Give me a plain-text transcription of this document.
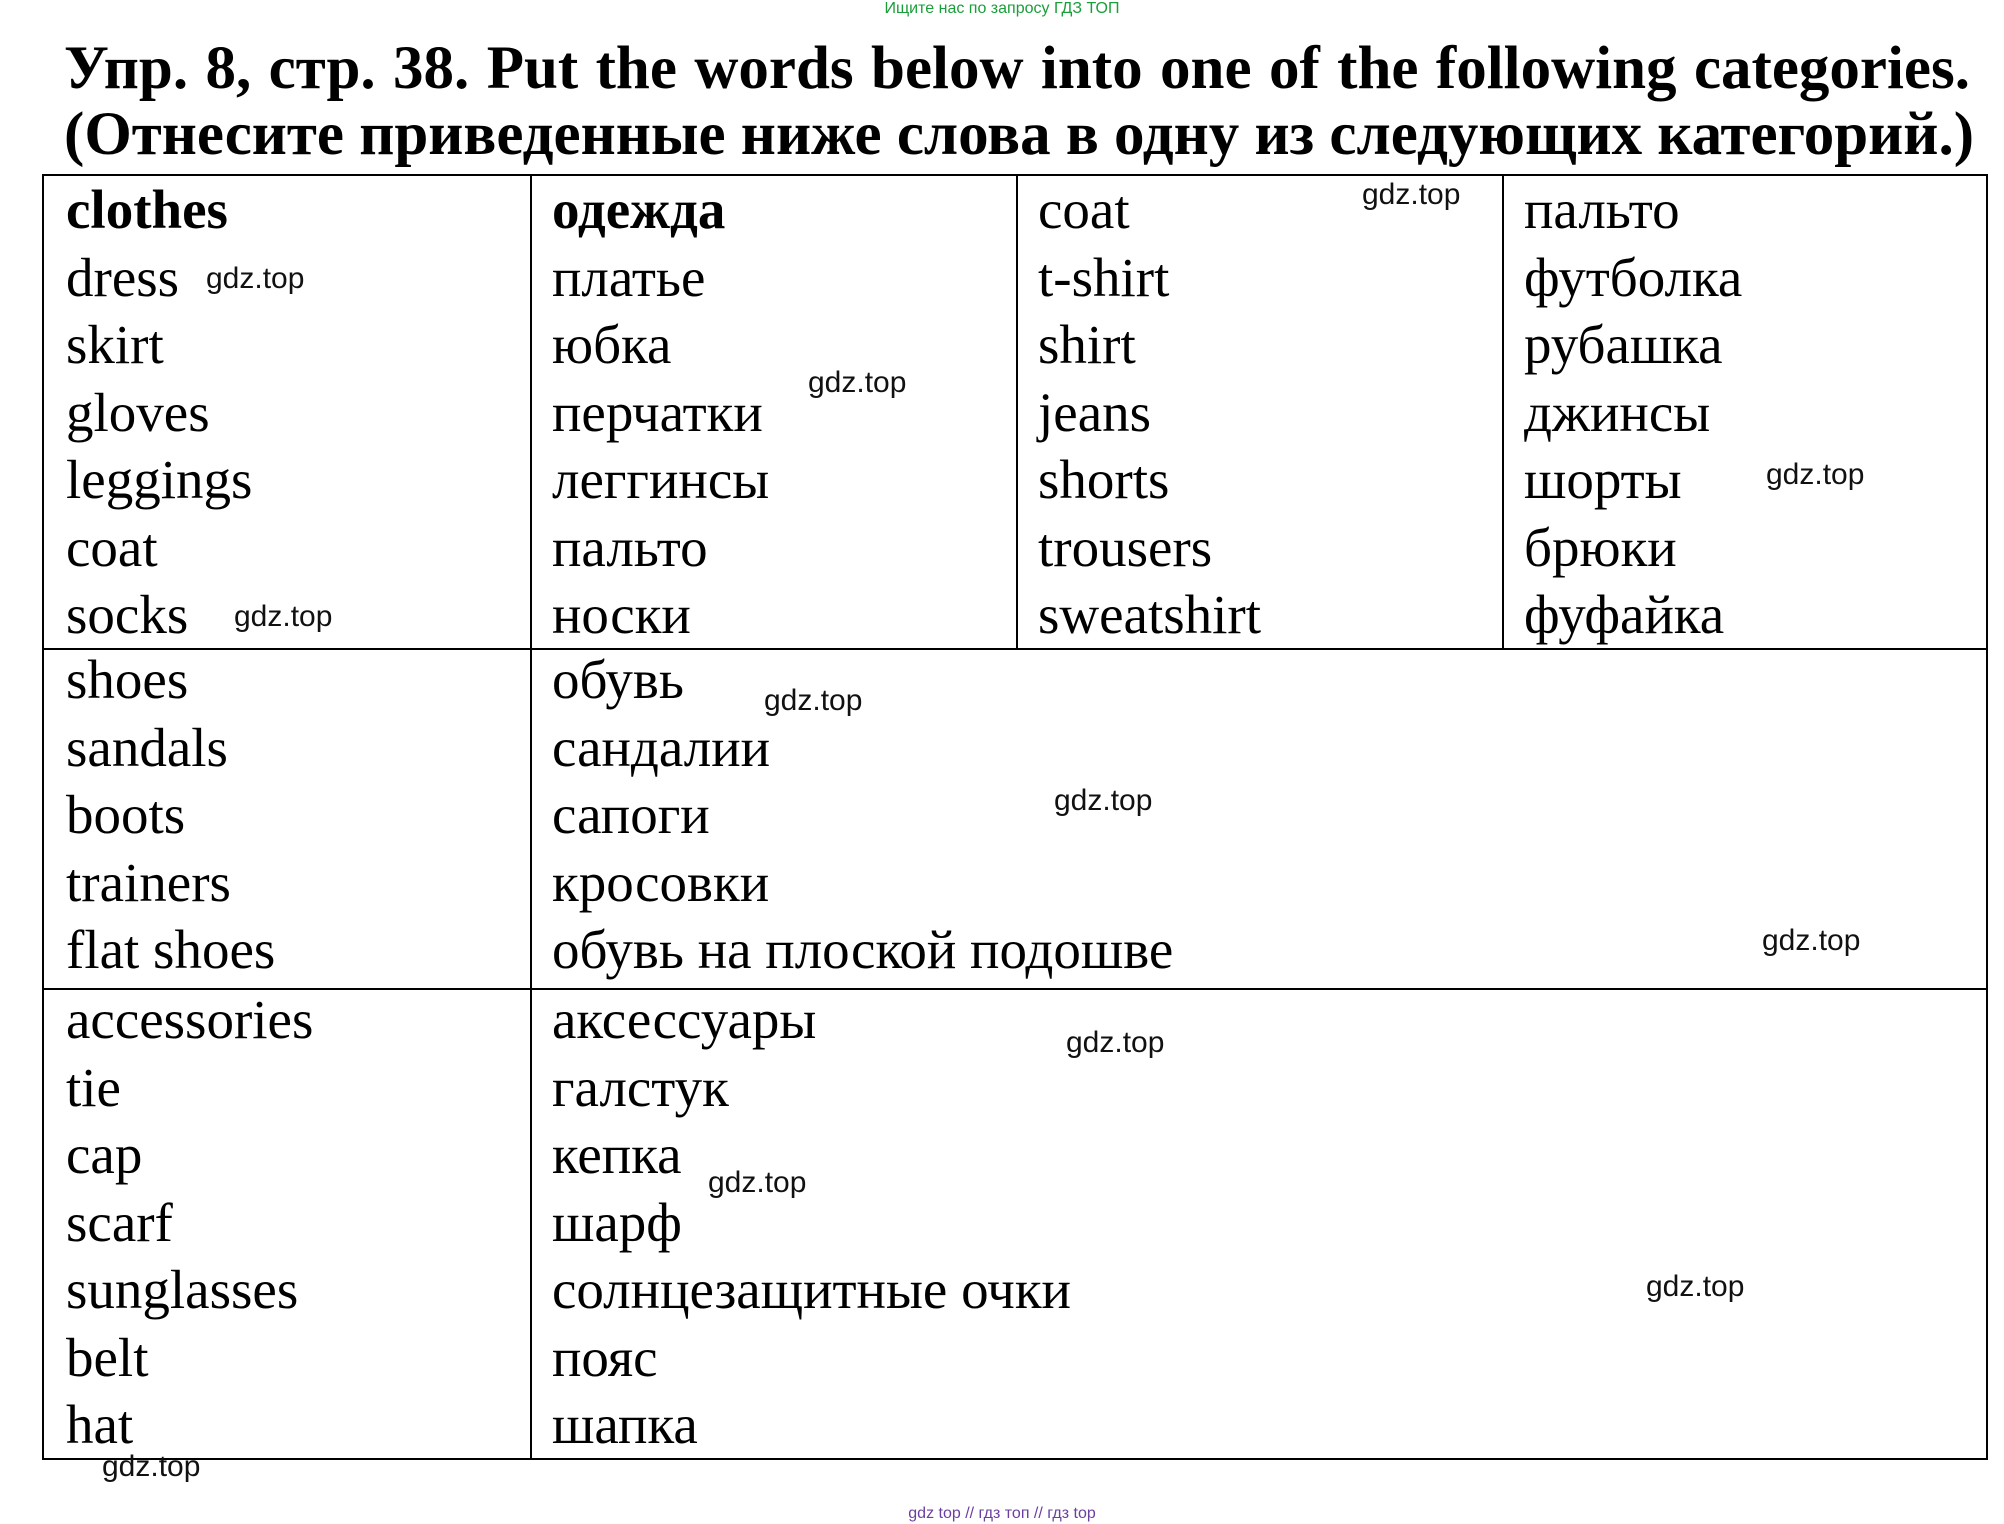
Ищите нас по запросу ГДЗ ТОП
Упр. 8, стр. 38. Put the words below into one of the following categories.
(Отнесите приведенные ниже слова в одну из следующих категорий.)
clothes
dress
skirt
gloves
leggings
coat
socks
одежда
платье
юбка
перчатки
леггинсы
пальто
носки
coat
t-shirt
shirt
jeans
shorts
trousers
sweatshirt
пальто
футболка
рубашка
джинсы
шорты
брюки
фуфайка
shoes
sandals
boots
trainers
flat shoes
обувь
сандалии
сапоги
кросовки
обувь на плоской подошве
accessories
tie
cap
scarf
sunglasses
belt
hat
аксессуары
галстук
кепка
шарф
солнцезащитные очки
пояс
шапка
gdz.top
gdz.top
gdz.top
gdz.top
gdz.top
gdz.top
gdz.top
gdz.top
gdz.top
gdz.top
gdz.top
gdz.top
gdz top // гдз топ // гдз top
